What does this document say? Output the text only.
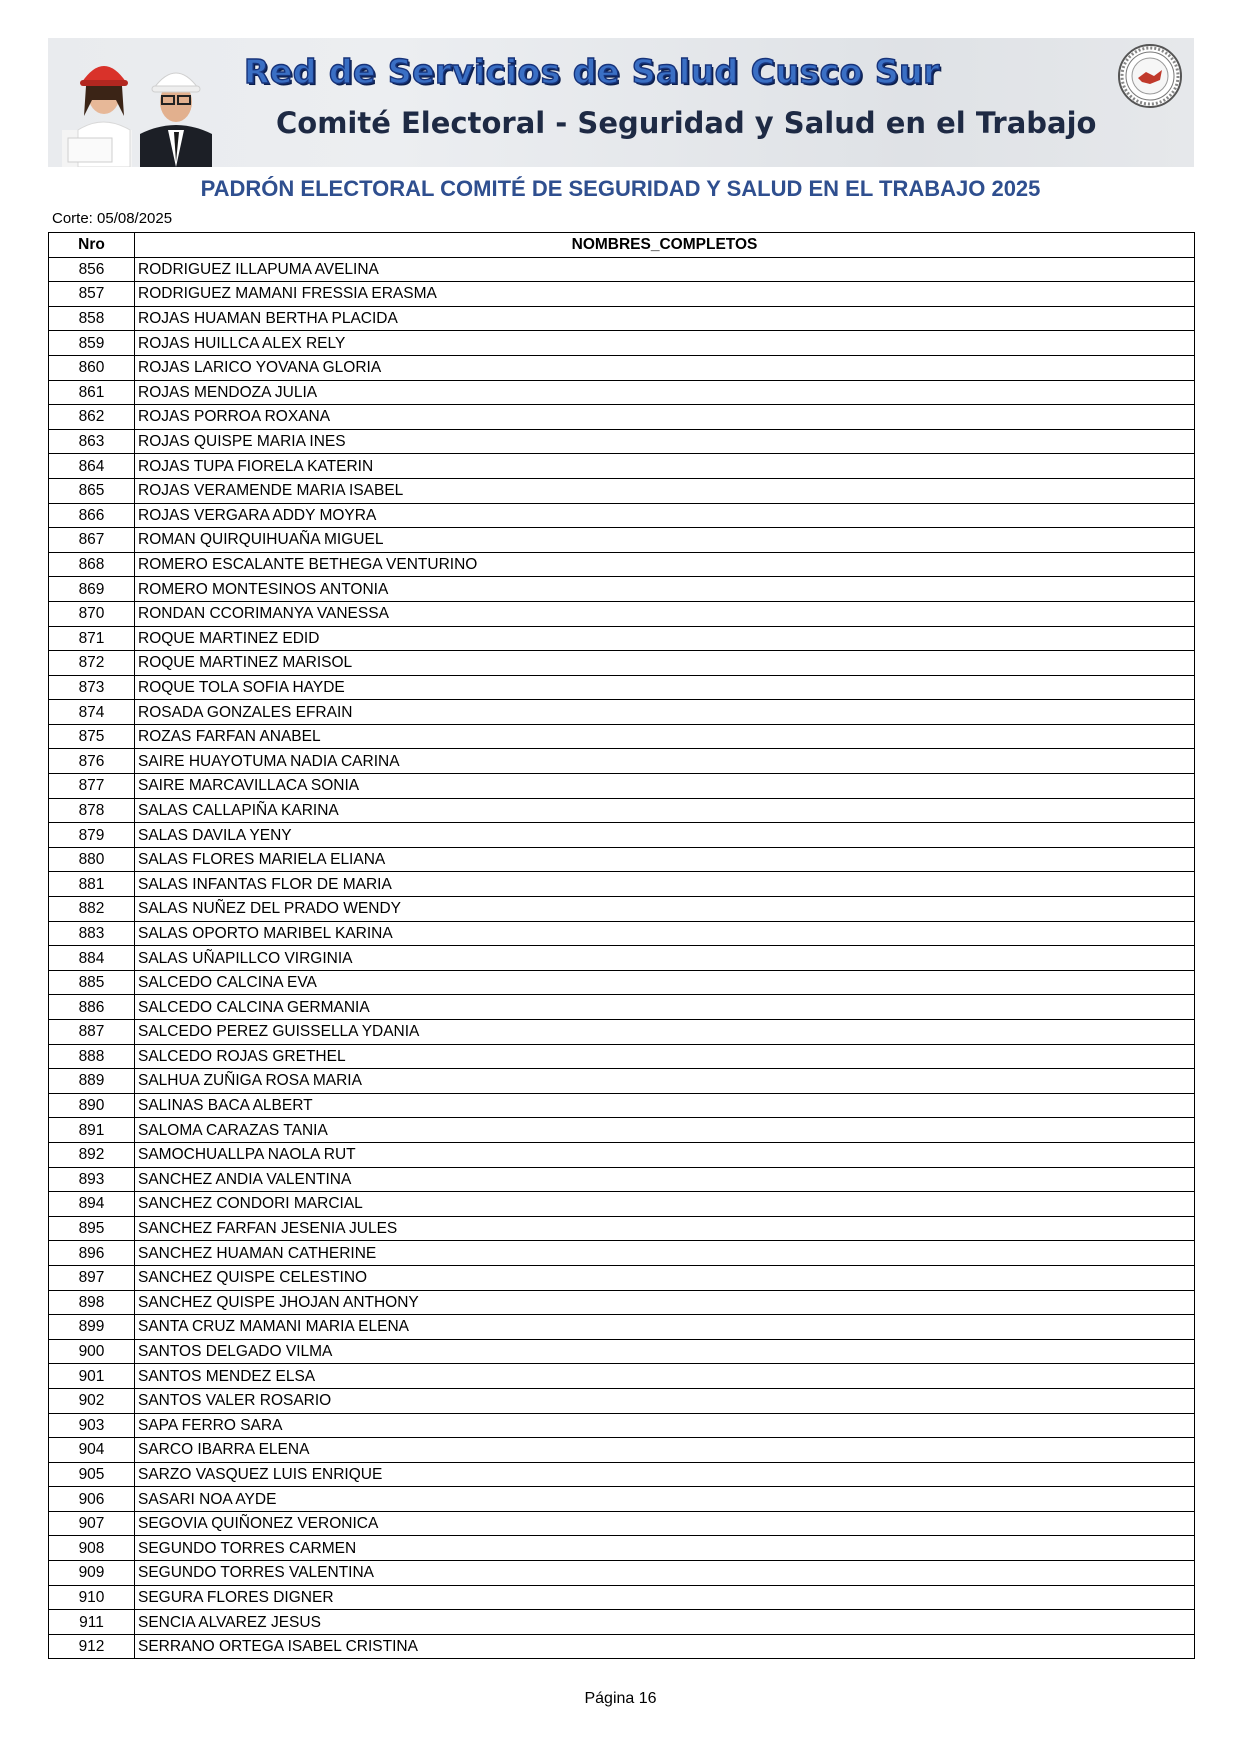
Red de Servicios de Salud Cusco Sur
Comité Electoral - Seguridad y Salud en el Trabajo
PADRÓN ELECTORAL COMITÉ DE SEGURIDAD Y SALUD EN EL TRABAJO 2025

Corte: 05/08/2025

Nro	NOMBRES_COMPLETOS
856	RODRIGUEZ ILLAPUMA AVELINA
857	RODRIGUEZ MAMANI FRESSIA ERASMA
858	ROJAS HUAMAN BERTHA PLACIDA
859	ROJAS HUILLCA ALEX RELY
860	ROJAS LARICO YOVANA GLORIA
861	ROJAS MENDOZA JULIA
862	ROJAS PORROA ROXANA
863	ROJAS QUISPE MARIA INES
864	ROJAS TUPA FIORELA KATERIN
865	ROJAS VERAMENDE MARIA ISABEL
866	ROJAS VERGARA ADDY MOYRA
867	ROMAN QUIRQUIHUAÑA MIGUEL
868	ROMERO ESCALANTE BETHEGA VENTURINO
869	ROMERO MONTESINOS ANTONIA
870	RONDAN CCORIMANYA VANESSA
871	ROQUE MARTINEZ EDID
872	ROQUE MARTINEZ MARISOL
873	ROQUE TOLA SOFIA HAYDE
874	ROSADA GONZALES EFRAIN
875	ROZAS FARFAN ANABEL
876	SAIRE HUAYOTUMA NADIA CARINA
877	SAIRE MARCAVILLACA SONIA
878	SALAS CALLAPIÑA KARINA
879	SALAS DAVILA YENY
880	SALAS FLORES MARIELA ELIANA
881	SALAS INFANTAS FLOR DE MARIA
882	SALAS NUÑEZ DEL PRADO WENDY
883	SALAS OPORTO MARIBEL KARINA
884	SALAS UÑAPILLCO VIRGINIA
885	SALCEDO CALCINA EVA
886	SALCEDO CALCINA GERMANIA
887	SALCEDO PEREZ GUISSELLA YDANIA
888	SALCEDO ROJAS GRETHEL
889	SALHUA ZUÑIGA ROSA MARIA
890	SALINAS BACA ALBERT
891	SALOMA CARAZAS TANIA
892	SAMOCHUALLPA NAOLA RUT
893	SANCHEZ ANDIA VALENTINA
894	SANCHEZ CONDORI MARCIAL
895	SANCHEZ FARFAN JESENIA JULES
896	SANCHEZ HUAMAN CATHERINE
897	SANCHEZ QUISPE CELESTINO
898	SANCHEZ QUISPE JHOJAN ANTHONY
899	SANTA CRUZ MAMANI MARIA ELENA
900	SANTOS DELGADO VILMA
901	SANTOS MENDEZ ELSA
902	SANTOS VALER ROSARIO
903	SAPA FERRO SARA
904	SARCO IBARRA ELENA
905	SARZO VASQUEZ LUIS ENRIQUE
906	SASARI NOA AYDE
907	SEGOVIA QUIÑONEZ VERONICA
908	SEGUNDO TORRES CARMEN
909	SEGUNDO TORRES VALENTINA
910	SEGURA FLORES DIGNER
911	SENCIA ALVAREZ JESUS
912	SERRANO ORTEGA ISABEL CRISTINA

Página 16
